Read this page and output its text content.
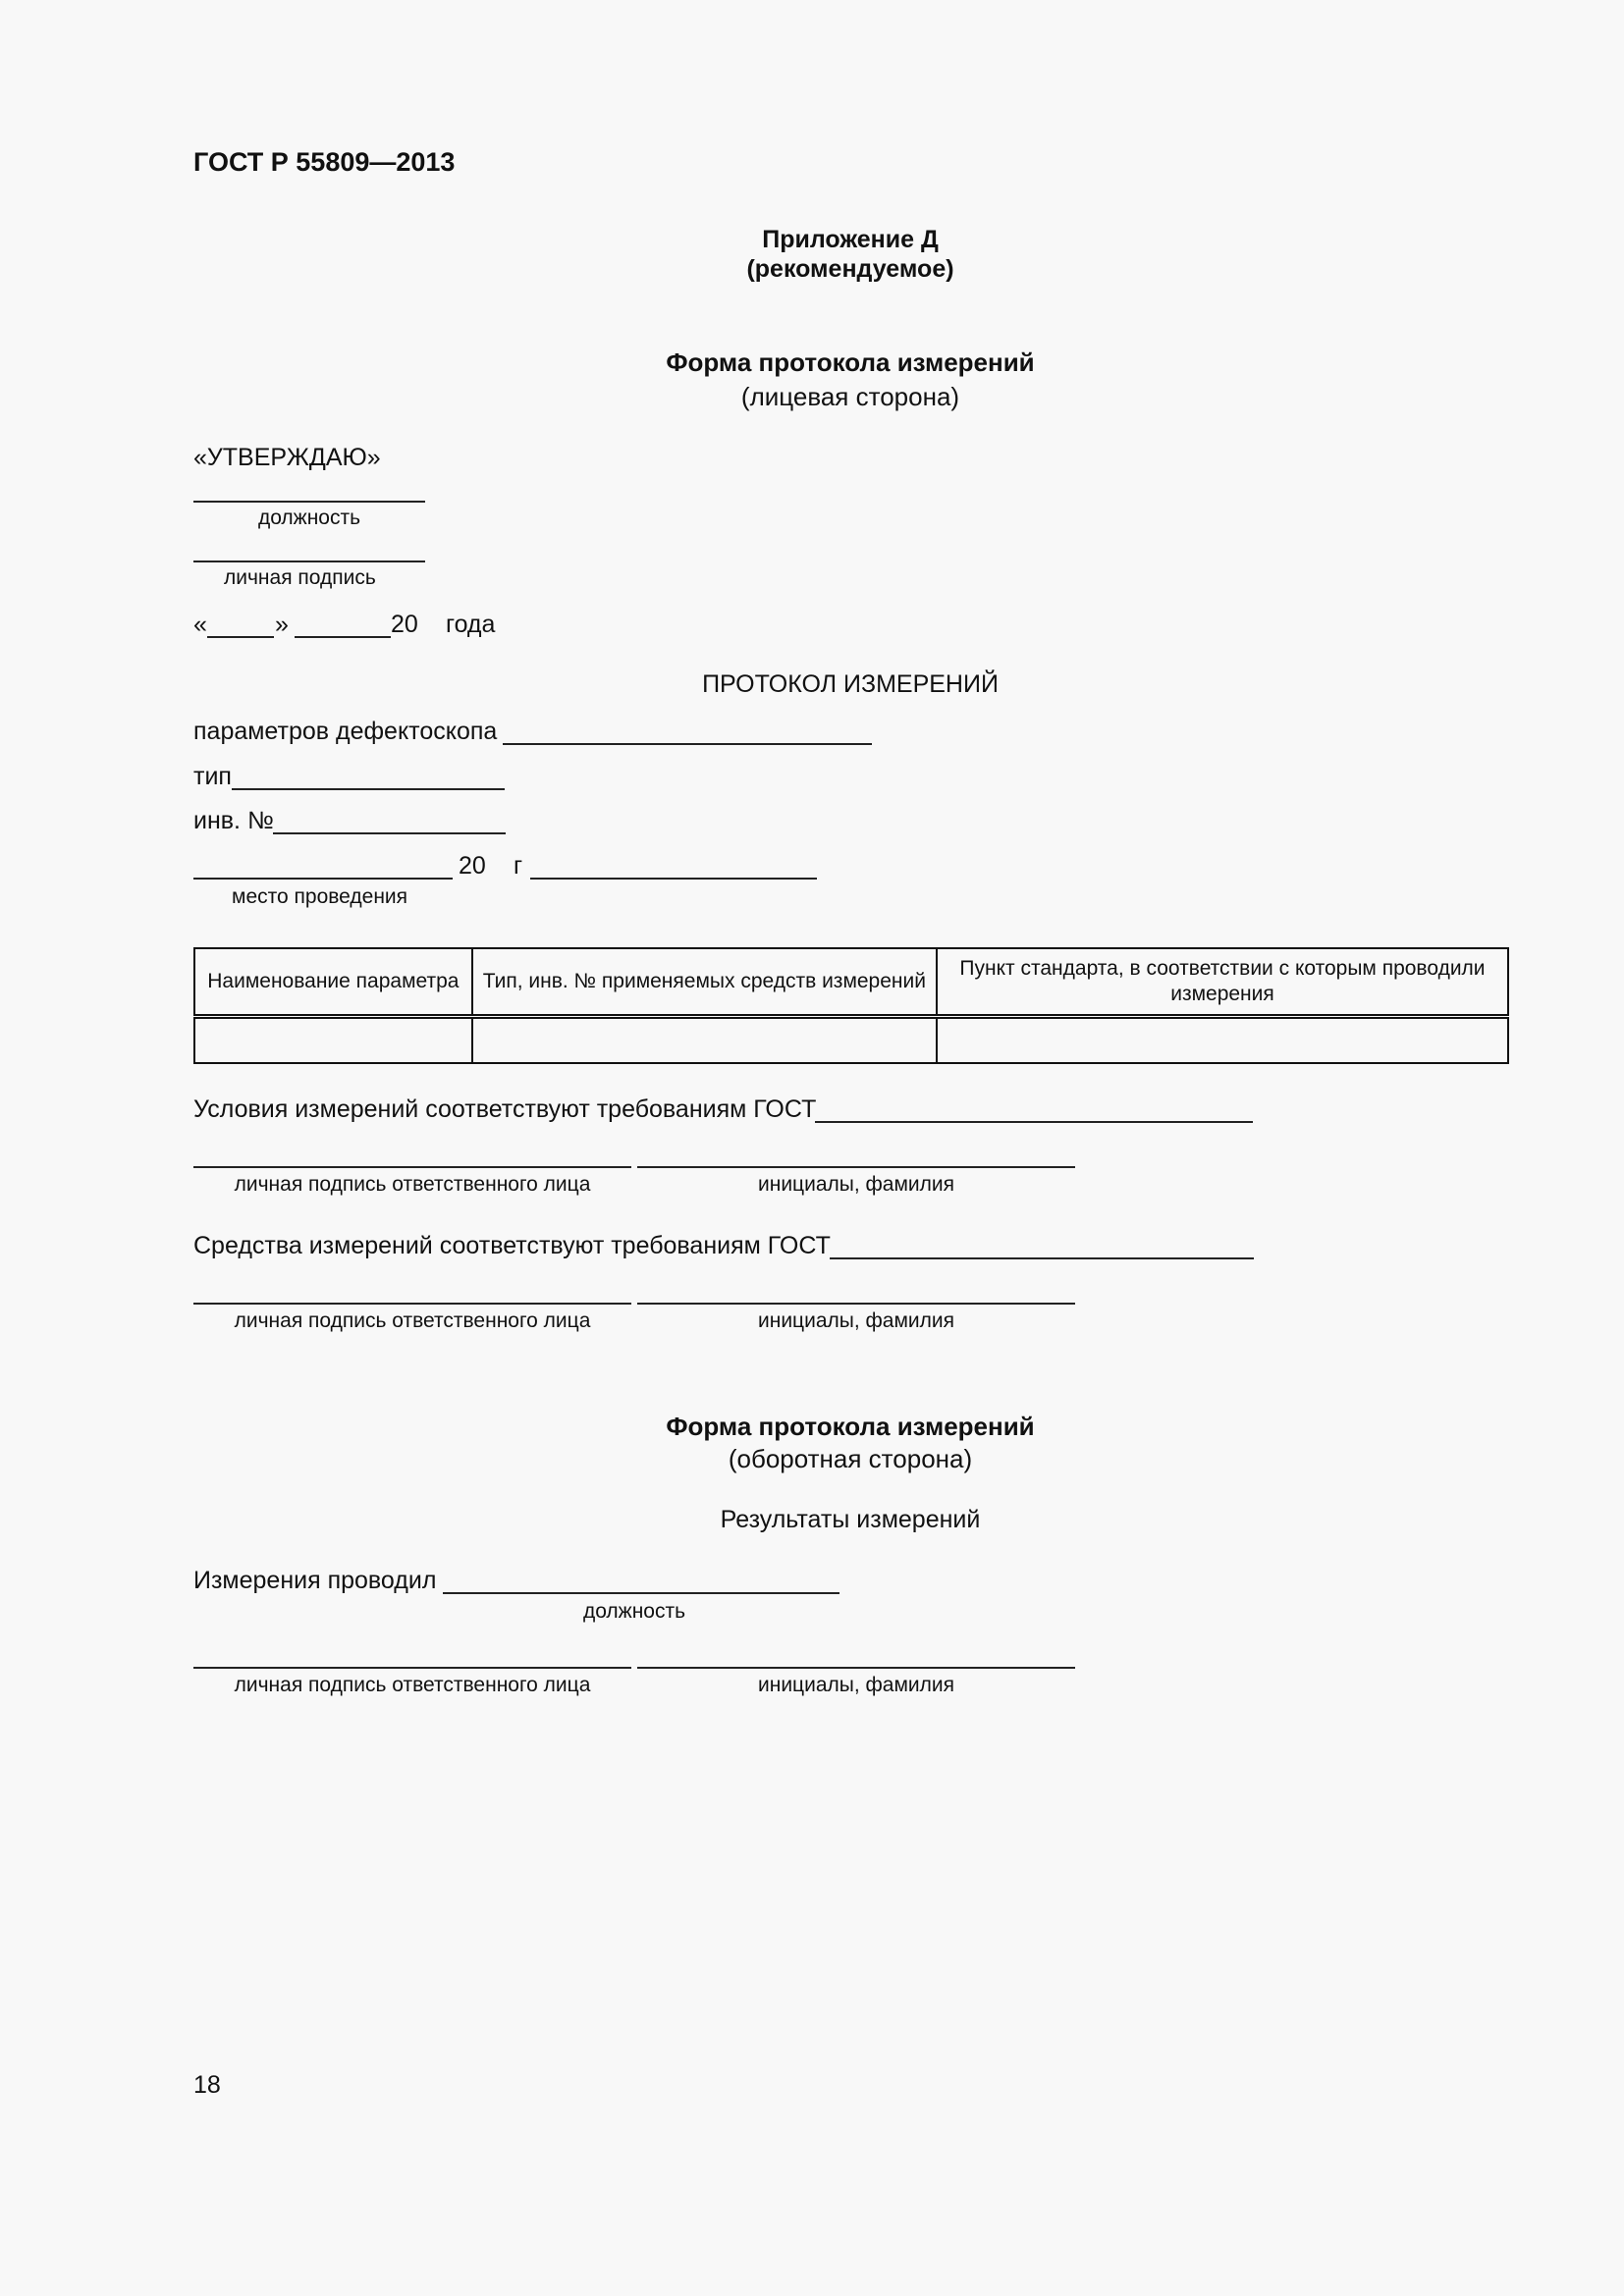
ГОСТ Р 55809—2013
Приложение Д
(рекомендуемое)
Форма протокола измерений
(лицевая сторона)
«УТВЕРЖДАЮ»
должность
личная подпись
«	»	20 года
ПРОТОКОЛ ИЗМЕРЕНИЙ
параметров дефектоскопа
тип
инв. №
20 г
место проведения
Наименование параметра	Тип, инв. № применяемых средств измерений	Пункт стандарта, в соответствии с которым проводили измерения

Условия измерений соответствуют требованиям ГОСТ
личная подпись ответственного лица	инициалы, фамилия
Средства измерений соответствуют требованиям ГОСТ
личная подпись ответственного лица	инициалы, фамилия
Форма протокола измерений
(оборотная сторона)
Результаты измерений
Измерения проводил
должность
личная подпись ответственного лица	инициалы, фамилия
18
